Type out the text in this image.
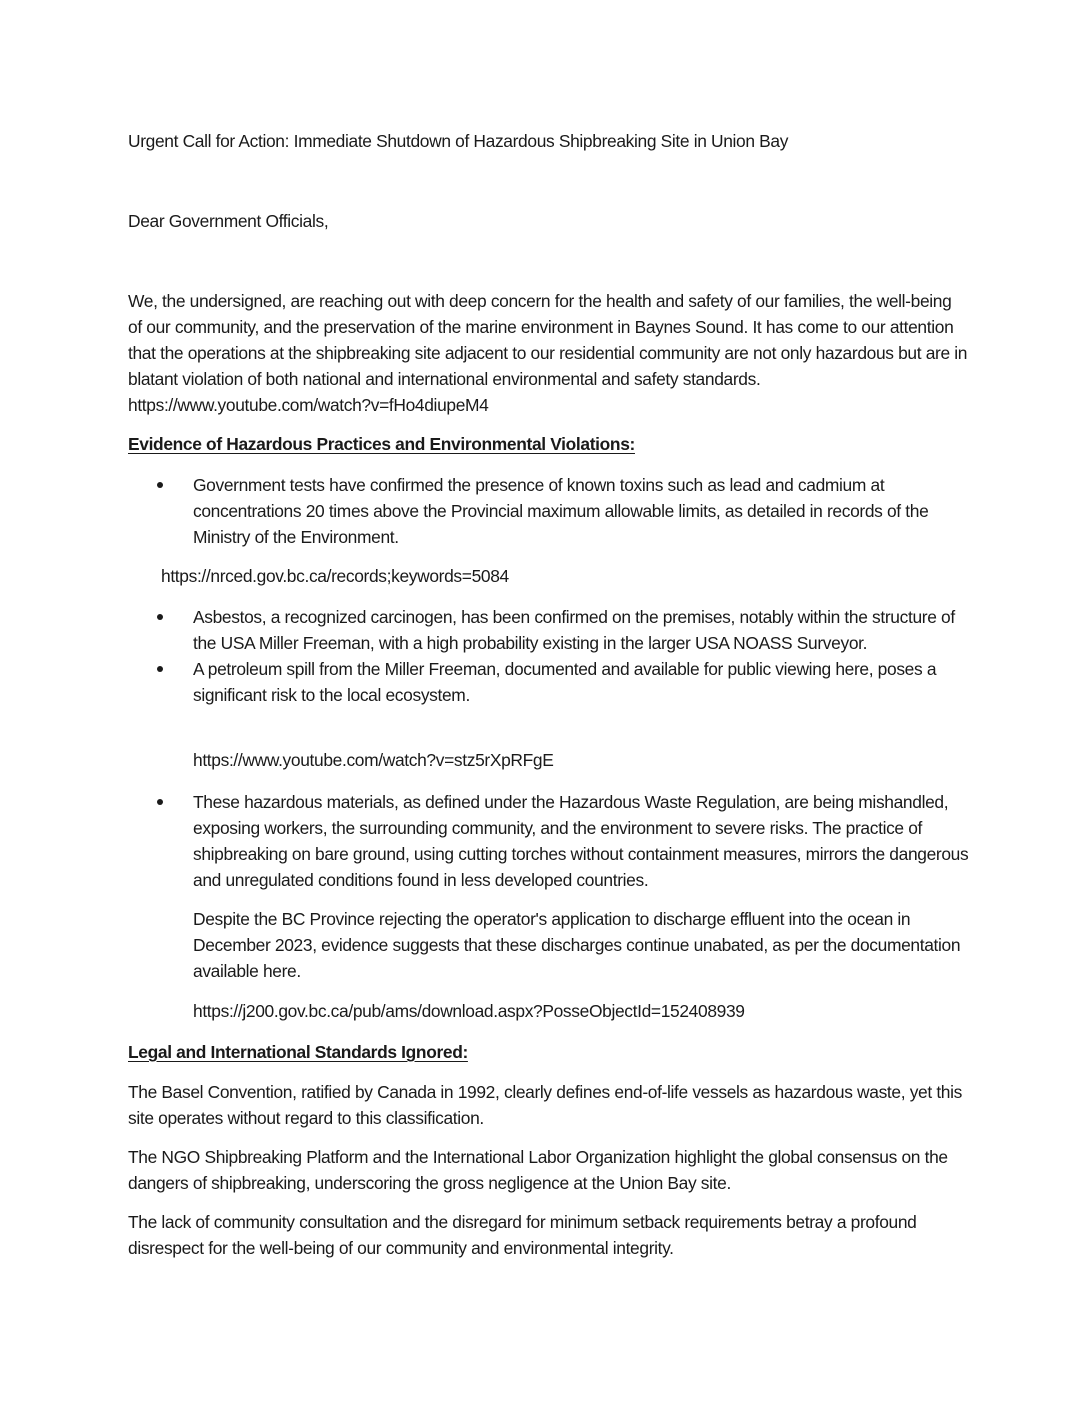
Urgent Call for Action: Immediate Shutdown of Hazardous Shipbreaking Site in Union Bay

Dear Government Officials,

We, the undersigned, are reaching out with deep concern for the health and safety of our families, the well-being of our community, and the preservation of the marine environment in Baynes Sound. It has come to our attention that the operations at the shipbreaking site adjacent to our residential community are not only hazardous but are in blatant violation of both national and international environmental and safety standards. https://www.youtube.com/watch?v=fHo4diupeM4

Evidence of Hazardous Practices and Environmental Violations:

Government tests have confirmed the presence of known toxins such as lead and cadmium at concentrations 20 times above the Provincial maximum allowable limits, as detailed in records of the Ministry of the Environment.

https://nrced.gov.bc.ca/records;keywords=5084

Asbestos, a recognized carcinogen, has been confirmed on the premises, notably within the structure of the USA Miller Freeman, with a high probability existing in the larger USA NOASS Surveyor.
A petroleum spill from the Miller Freeman, documented and available for public viewing here, poses a significant risk to the local ecosystem.

https://www.youtube.com/watch?v=stz5rXpRFgE

These hazardous materials, as defined under the Hazardous Waste Regulation, are being mishandled, exposing workers, the surrounding community, and the environment to severe risks. The practice of shipbreaking on bare ground, using cutting torches without containment measures, mirrors the dangerous and unregulated conditions found in less developed countries.

Despite the BC Province rejecting the operator's application to discharge effluent into the ocean in December 2023, evidence suggests that these discharges continue unabated, as per the documentation available here.

https://j200.gov.bc.ca/pub/ams/download.aspx?PosseObjectId=152408939

Legal and International Standards Ignored:

The Basel Convention, ratified by Canada in 1992, clearly defines end-of-life vessels as hazardous waste, yet this site operates without regard to this classification.

The NGO Shipbreaking Platform and the International Labor Organization highlight the global consensus on the dangers of shipbreaking, underscoring the gross negligence at the Union Bay site.

The lack of community consultation and the disregard for minimum setback requirements betray a profound disrespect for the well-being of our community and environmental integrity.
